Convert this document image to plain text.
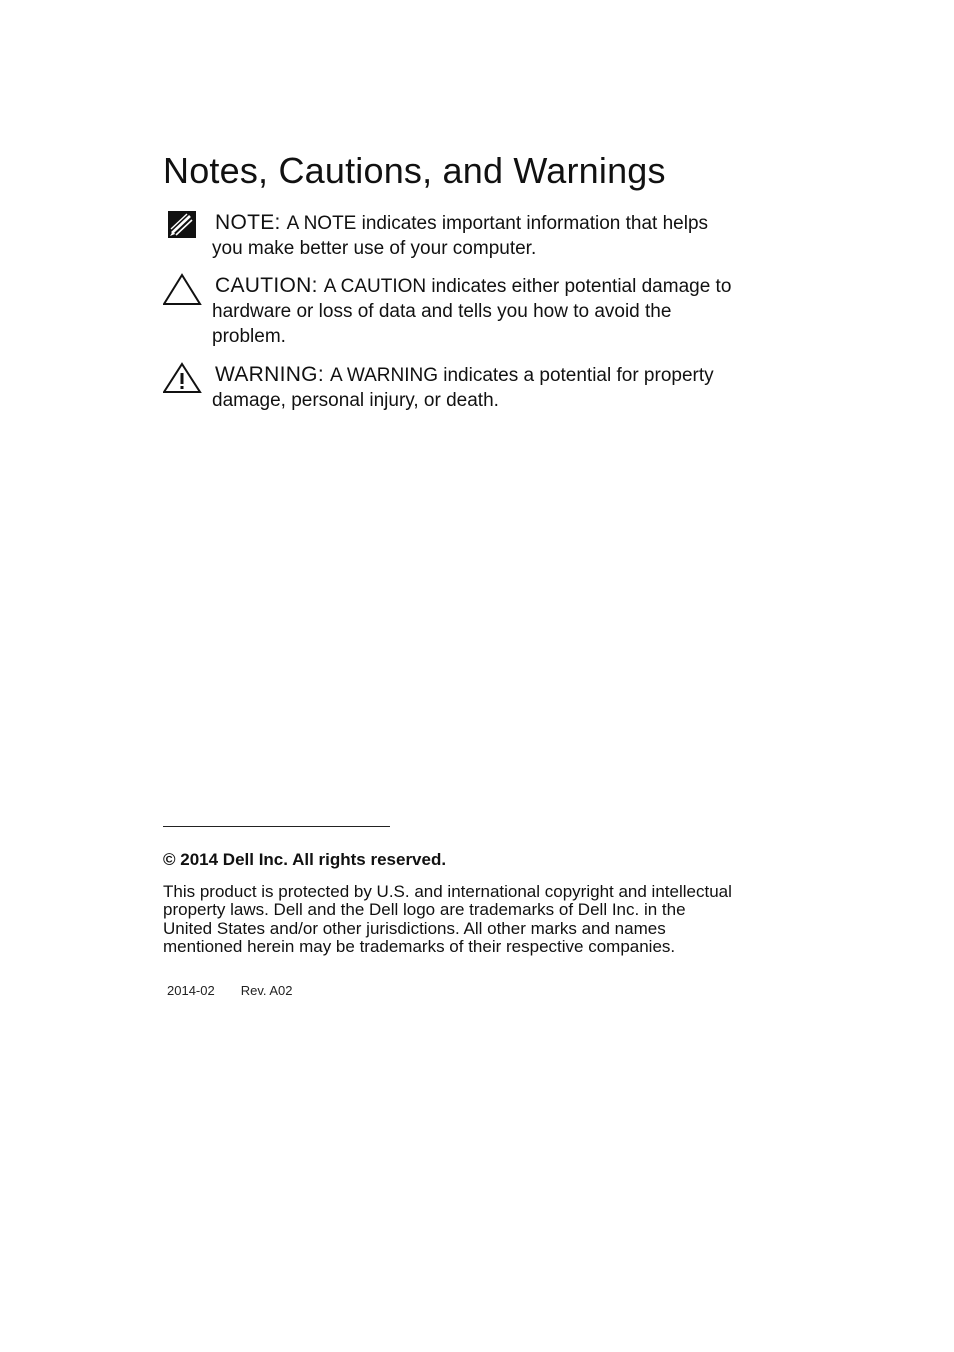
Notes, Cautions, and Warnings
NOTE: A NOTE indicates important information that helps you make better use of your computer.
CAUTION: A CAUTION indicates either potential damage to hardware or loss of data and tells you how to avoid the problem.
WARNING: A WARNING indicates a potential for property damage, personal injury, or death.
© 2014 Dell Inc. All rights reserved.

This product is protected by U.S. and international copyright and intellectual property laws. Dell and the Dell logo are trademarks of Dell Inc. in the United States and/or other jurisdictions. All other marks and names mentioned herein may be trademarks of their respective companies.

2014-02 Rev. A02
